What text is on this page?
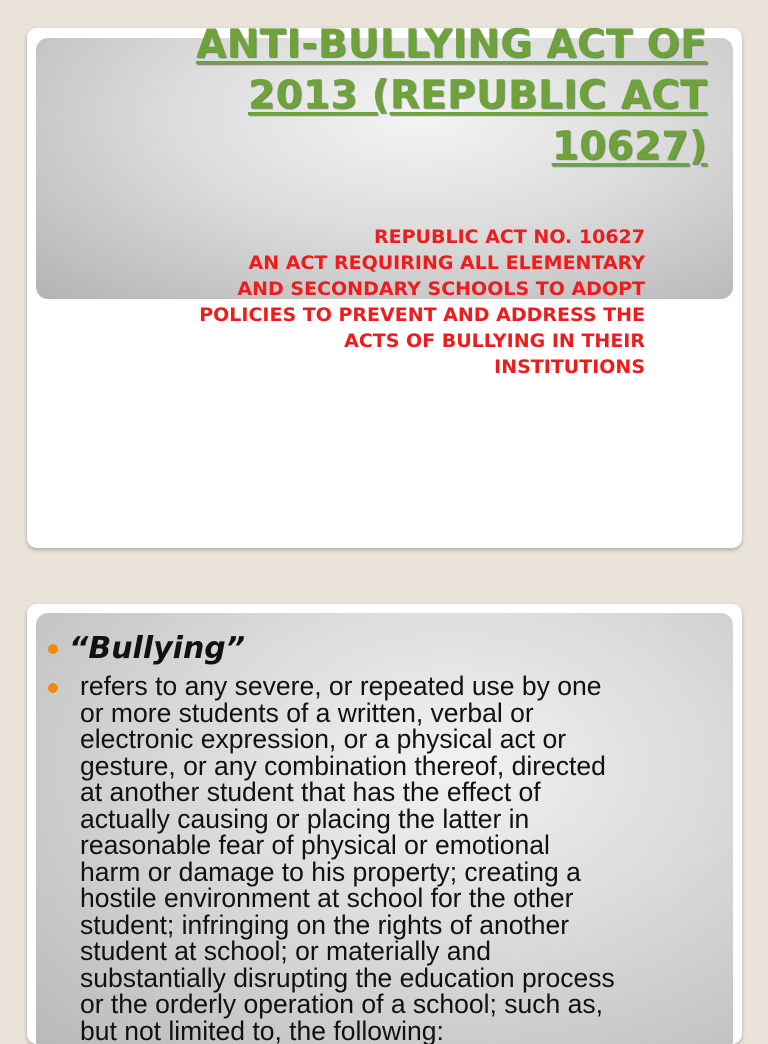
ANTI-BULLYING ACT OF
2013 (REPUBLIC ACT
10627)
REPUBLIC ACT NO. 10627
AN ACT REQUIRING ALL ELEMENTARY
AND SECONDARY SCHOOLS TO ADOPT
POLICIES TO PREVENT AND ADDRESS THE
ACTS OF BULLYING IN THEIR
INSTITUTIONS
“Bullying”
refers to any severe, or repeated use by one
or more students of a written, verbal or
electronic expression, or a physical act or
gesture, or any combination thereof, directed
at another student that has the effect of
actually causing or placing the latter in
reasonable fear of physical or emotional
harm or damage to his property; creating a
hostile environment at school for the other
student; infringing on the rights of another
student at school; or materially and
substantially disrupting the education process
or the orderly operation of a school; such as,
but not limited to, the following:
